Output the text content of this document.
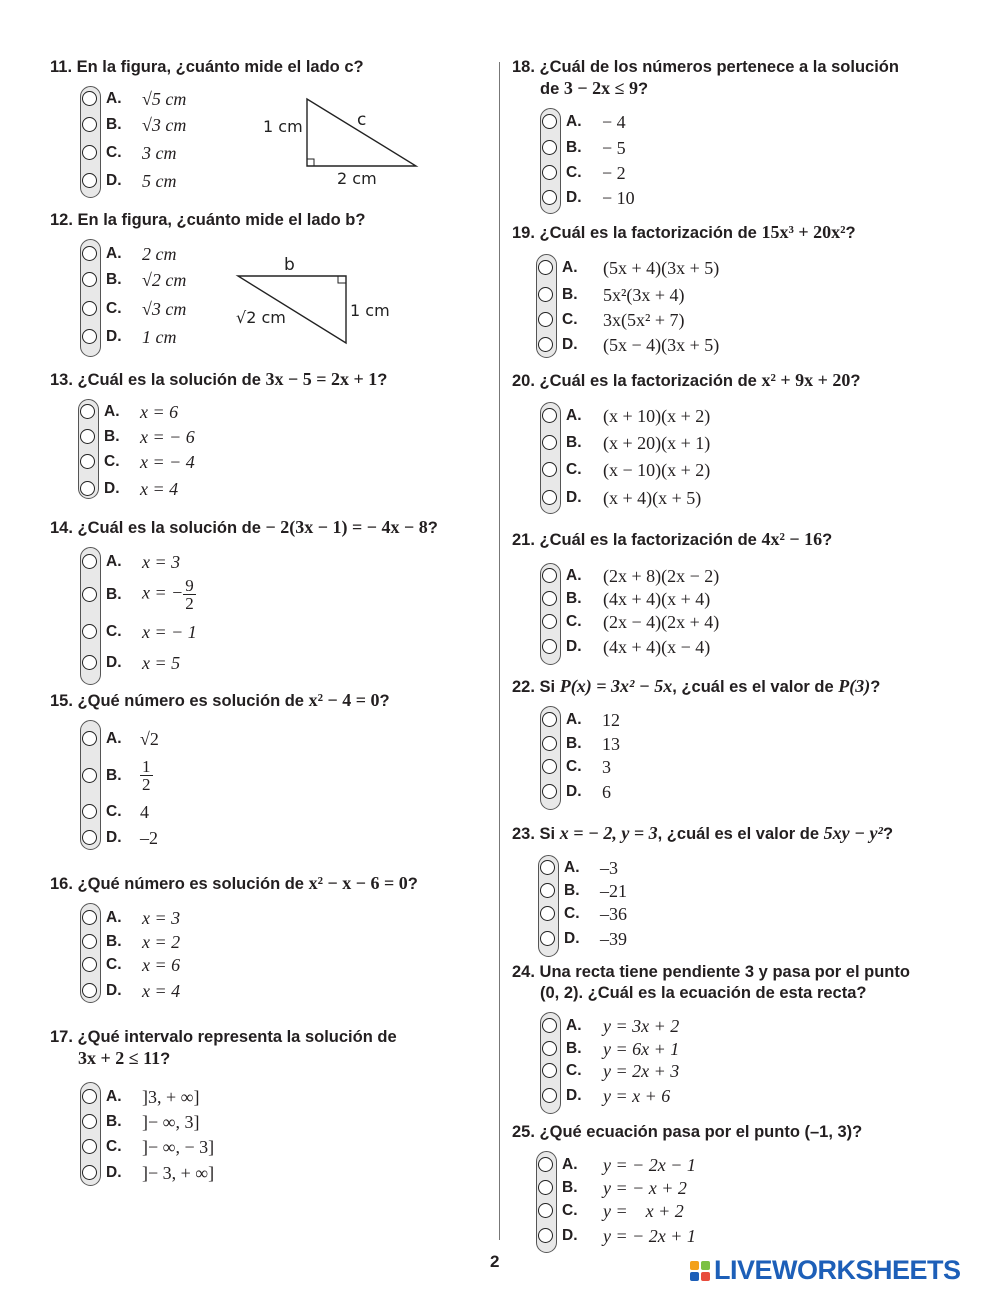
11. En la figura, ¿cuánto mide el lado c?
A. √5 cm
B. √3 cm
C. 3 cm
D. 5 cm
1 cm	c
2 cm
12. En la figura, ¿cuánto mide el lado b?
A. 2 cm
B. √2 cm
C. √3 cm
D. 1 cm
b
1 cm
√2 cm
13. ¿Cuál es la solución de 3x − 5 = 2x + 1?
A. x = 6
B. x = − 6
C. x = − 4
D. x = 4
14. ¿Cuál es la solución de − 2(3x − 1) = − 4x − 8?
A. x = 3
B. x = − $\frac{9}{2}$
C. x = − 1
D. x = 5
15. ¿Qué número es solución de x² − 4 = 0?
A. √2
B. $\frac{1}{2}$
C. 4
D. –2
16. ¿Qué número es solución de x² − x − 6 = 0?
A. x = 3
B. x = 2
C. x = 6
D. x = 4
17. ¿Qué intervalo representa la solución de
3x + 2 ≤ 11?
A. ]3, + ∞]
B. ]− ∞, 3]
C. ]− ∞, − 3]
D. ]− 3, + ∞]
18. ¿Cuál de los números pertenece a la solución
de 3 − 2x ≤ 9?
A. − 4
B. − 5
C. − 2
D. − 10
19. ¿Cuál es la factorización de 15x³ + 20x²?
A. (5x + 4)(3x + 5)
B. 5x²(3x + 4)
C. 3x(5x² + 7)
D. (5x − 4)(3x + 5)
20. ¿Cuál es la factorización de x² + 9x + 20?
A. (x + 10)(x + 2)
B. (x + 20)(x + 1)
C. (x − 10)(x + 2)
D. (x + 4)(x + 5)
21. ¿Cuál es la factorización de 4x² − 16?
A. (2x + 8)(2x − 2)
B. (4x + 4)(x + 4)
C. (2x − 4)(2x + 4)
D. (4x + 4)(x − 4)
22. Si P(x) = 3x² − 5x, ¿cuál es el valor de P(3)?
A. 12
B. 13
C. 3
D. 6
23. Si x = − 2, y = 3, ¿cuál es el valor de 5xy − y²?
A. –3
B. –21
C. –36
D. –39
24. Una recta tiene pendiente 3 y pasa por el punto
(0, 2). ¿Cuál es la ecuación de esta recta?
A. y = 3x + 2
B. y = 6x + 1
C. y = 2x + 3
D. y = x + 6
25. ¿Qué ecuación pasa por el punto (–1, 3)?
A. y = − 2x − 1
B. y = − x + 2
C. y =    x + 2
D. y = − 2x + 1
2	LIVEWORKSHEETS
